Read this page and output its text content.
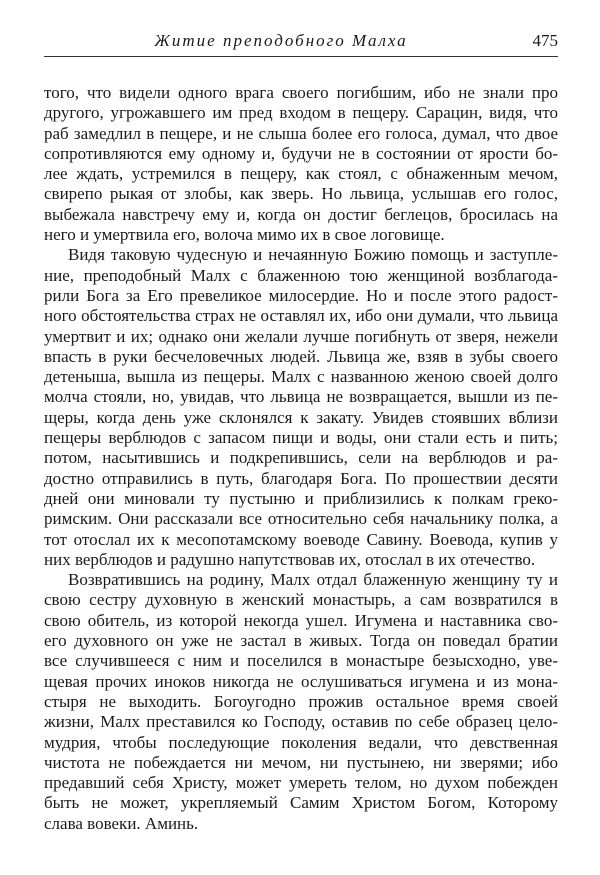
Житие преподобного Малха	475
того, что видели одного врага своего погибшим, ибо не знали про
другого, угрожавшего им пред входом в пещеру. Сарацин, видя, что
раб замедлил в пещере, и не слыша более его голоса, думал, что двое
сопротивляются ему одному и, будучи не в состоянии от ярости бо-
лее ждать, устремился в пещеру, как стоял, с обнаженным мечом,
свирепо рыкая от злобы, как зверь. Но львица, услышав его голос,
выбежала навстречу ему и, когда он достиг беглецов, бросилась на
него и умертвила его, волоча мимо их в свое логовище.
Видя таковую чудесную и нечаянную Божию помощь и заступле-
ние, преподобный Малх с блаженною тою женщиной возблагода-
рили Бога за Его превеликое милосердие. Но и после этого радост-
ного обстоятельства страх не оставлял их, ибо они думали, что львица
умертвит и их; однако они желали лучше погибнуть от зверя, нежели
впасть в руки бесчеловечных людей. Львица же, взяв в зубы своего
детеныша, вышла из пещеры. Малх с названною женою своей долго
молча стояли, но, увидав, что львица не возвращается, вышли из пе-
щеры, когда день уже склонялся к закату. Увидев стоявших вблизи
пещеры верблюдов с запасом пищи и воды, они стали есть и пить;
потом, насытившись и подкрепившись, сели на верблюдов и ра-
достно отправились в путь, благодаря Бога. По прошествии десяти
дней они миновали ту пустыню и приблизились к полкам греко-
римским. Они рассказали все относительно себя начальнику полка, а
тот отослал их к месопотамскому воеводе Савину. Воевода, купив у
них верблюдов и радушно напутствовав их, отослал в их отечество.
Возвратившись на родину, Малх отдал блаженную женщину ту и
свою сестру духовную в женский монастырь, а сам возвратился в
свою обитель, из которой некогда ушел. Игумена и наставника сво-
его духовного он уже не застал в живых. Тогда он поведал братии
все случившееся с ним и поселился в монастыре безысходно, уве-
щевая прочих иноков никогда не ослушиваться игумена и из мона-
стыря не выходить. Богоугодно прожив остальное время своей
жизни, Малх преставился ко Господу, оставив по себе образец цело-
мудрия, чтобы последующие поколения ведали, что девственная
чистота не побеждается ни мечом, ни пустынею, ни зверями; ибо
предавший себя Христу, может умереть телом, но духом побежден
быть не может, укрепляемый Самим Христом Богом, Которому
слава вовеки. Аминь.
